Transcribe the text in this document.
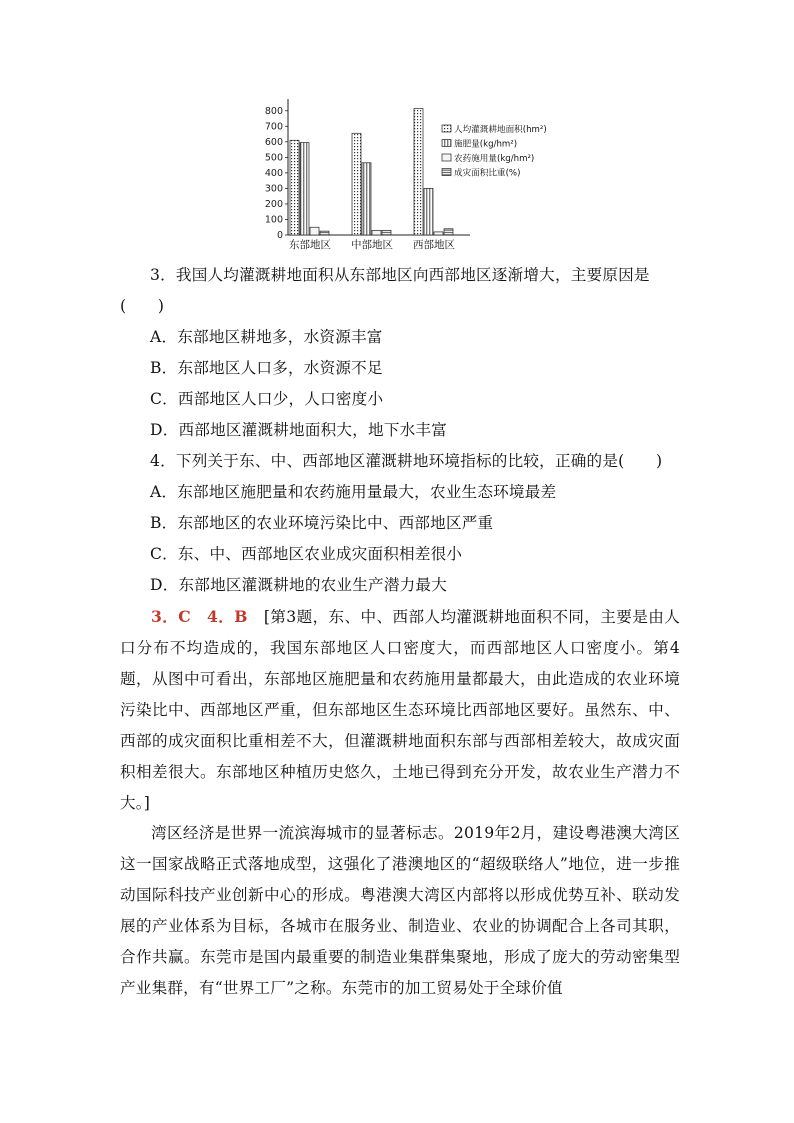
0
100
200
300
400
500
600
700
800
东部地区 中部地区 西部地区
人均灌溉耕地面积(hm²)
施肥量(kg/hm²)
农药施用量(kg/hm²)
成灾面积比重(%)

3．我国人均灌溉耕地面积从东部地区向西部地区逐渐增大，主要原因是

(　　)

A．东部地区耕地多，水资源丰富

B．东部地区人口多，水资源不足

C．西部地区人口少，人口密度小

D．西部地区灌溉耕地面积大，地下水丰富

4．下列关于东、中、西部地区灌溉耕地环境指标的比较，正确的是(　　)

A．东部地区施肥量和农药施用量最大，农业生态环境最差

B．东部地区的农业环境污染比中、西部地区严重

C．东、中、西部地区农业成灾面积相差很小

D．东部地区灌溉耕地的农业生产潜力最大

3．C　4．B　 [第3题，东、中、西部人均灌溉耕地面积不同，主要是由人口分布不均造成的，我国东部地区人口密度大，而西部地区人口密度小。第4题，从图中可看出，东部地区施肥量和农药施用量都最大，由此造成的农业环境污染比中、西部地区严重，但东部地区生态环境比西部地区要好。虽然东、中、西部的成灾面积比重相差不大，但灌溉耕地面积东部与西部相差较大，故成灾面积相差很大。东部地区种植历史悠久，土地已得到充分开发，故农业生产潜力不大。]

湾区经济是世界一流滨海城市的显著标志。2019年2月，建设粤港澳大湾区这一国家战略正式落地成型，这强化了港澳地区的“超级联络人”地位，进一步推动国际科技产业创新中心的形成。粤港澳大湾区内部将以形成优势互补、联动发展的产业体系为目标，各城市在服务业、制造业、农业的协调配合上各司其职，合作共赢。东莞市是国内最重要的制造业集群集聚地，形成了庞大的劳动密集型产业集群，有“世界工厂”之称。东莞市的加工贸易处于全球价值
